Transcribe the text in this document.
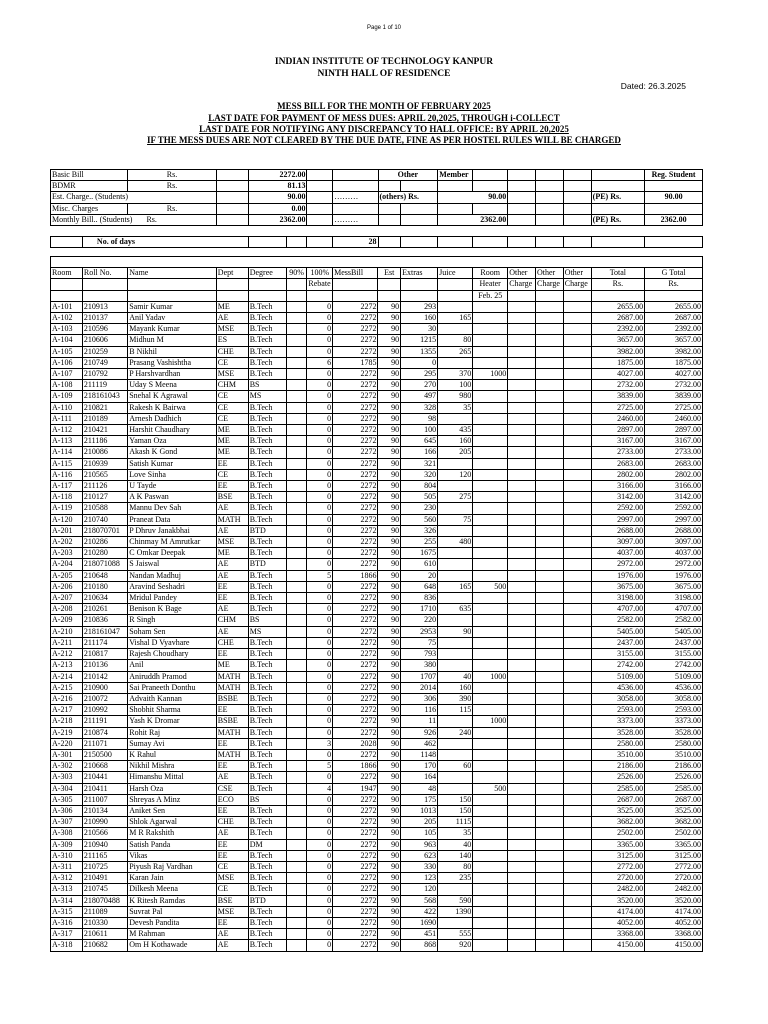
Page 1 of 10
INDIAN INSTITUTE OF TECHNOLOGY KANPUR
NINTH HALL OF RESIDENCE
Dated: 26.3.2025
MESS BILL FOR THE MONTH OF FEBRUARY 2025
LAST DATE FOR PAYMENT OF MESS DUES: APRIL 20,2025, THROUGH i-COLLECT
LAST DATE FOR NOTIFYING ANY DISCREPANCY TO HALL OFFICE: BY APRIL 20,2025
IF THE MESS DUES ARE NOT CLEARED BY THE DUE DATE, FINE AS PER HOSTEL RULES WILL BE CHARGED
Basic Bill		Rs.		2272.00				Other		Member						Reg. Student
BDMR		Rs.		81.13												
Est. Charge.. (Students)				90.00			………	(others) Rs.		90.00					(PE) Rs.	90.00
Misc. Charges		Rs.		0.00												
Monthly Bill.. (Students) Rs.				2362.00			………			2362.00					(PE) Rs.	2362.00

	No. of days						28									

Room	Roll No.	Name	Dept	Degree	90%	100%	MessBill	Est	Extras	Juice	Room	Other	Other	Other	Total	G Total
						Rebate					Heater	Charge	Charge	Charge	Rs.	Rs.
											Feb. 25					
A-101	210913	Samir Kumar	ME	B.Tech		0	2272	90	293						2655.00	2655.00
A-102	210137	Anil Yadav	AE	B.Tech		0	2272	90	160	165					2687.00	2687.00
A-103	210596	Mayank Kumar	MSE	B.Tech		0	2272	90	30						2392.00	2392.00
A-104	210606	Midhun M	ES	B.Tech		0	2272	90	1215	80					3657.00	3657.00
A-105	210259	B Nikhil	CHE	B.Tech		0	2272	90	1355	265					3982.00	3982.00
A-106	210749	Prasang Vashishtha	CE	B.Tech		6	1785	90	0						1875.00	1875.00
A-107	210792	P Harshvardhan	MSE	B.Tech		0	2272	90	295	370	1000				4027.00	4027.00
A-108	211119	Uday S Meena	CHM	BS		0	2272	90	270	100					2732.00	2732.00
A-109	218161043	Snehal K Agrawal	CE	MS		0	2272	90	497	980					3839.00	3839.00
A-110	210821	Rakesh K Bairwa	CE	B.Tech		0	2272	90	328	35					2725.00	2725.00
A-111	210189	Arnesh Dadhich	CE	B.Tech		0	2272	90	98						2460.00	2460.00
A-112	210421	Harshit Chaudhary	ME	B.Tech		0	2272	90	100	435					2897.00	2897.00
A-113	211186	Yaman Oza	ME	B.Tech		0	2272	90	645	160					3167.00	3167.00
A-114	210086	Akash K Gond	ME	B.Tech		0	2272	90	166	205					2733.00	2733.00
A-115	210939	Satish Kumar	EE	B.Tech		0	2272	90	321						2683.00	2683.00
A-116	210565	Love Sinha	CE	B.Tech		0	2272	90	320	120					2802.00	2802.00
A-117	211126	U Tayde	EE	B.Tech		0	2272	90	804						3166.00	3166.00
A-118	210127	A K Paswan	BSE	B.Tech		0	2272	90	505	275					3142.00	3142.00
A-119	210588	Mannu Dev Sah	AE	B.Tech		0	2272	90	230						2592.00	2592.00
A-120	210740	Praneat Data	MATH	B.Tech		0	2272	90	560	75					2997.00	2997.00
A-201	218070701	P Dhruv Janakbhai	AE	BTD		0	2272	90	326						2688.00	2688.00
A-202	210286	Chinmay M Amrutkar	MSE	B.Tech		0	2272	90	255	480					3097.00	3097.00
A-203	210280	C Omkar Deepak	ME	B.Tech		0	2272	90	1675						4037.00	4037.00
A-204	218071088	S Jaiswal	AE	BTD		0	2272	90	610						2972.00	2972.00
A-205	210648	Nandan Madhuj	AE	B.Tech		5	1866	90	20						1976.00	1976.00
A-206	210180	Aravind Seshadri	EE	B.Tech		0	2272	90	648	165	500				3675.00	3675.00
A-207	210634	Mridul Pandey	EE	B.Tech		0	2272	90	836						3198.00	3198.00
A-208	210261	Benison K Bage	AE	B.Tech		0	2272	90	1710	635					4707.00	4707.00
A-209	210836	R Singh	CHM	BS		0	2272	90	220						2582.00	2582.00
A-210	218161047	Soham Sen	AE	MS		0	2272	90	2953	90					5405.00	5405.00
A-211	211174	Vishal D Vyavhare	CHE	B.Tech		0	2272	90	75						2437.00	2437.00
A-212	210817	Rajesh Choudhary	EE	B.Tech		0	2272	90	793						3155.00	3155.00
A-213	210136	Anil	ME	B.Tech		0	2272	90	380						2742.00	2742.00
A-214	210142	Aniruddh Pramod	MATH	B.Tech		0	2272	90	1707	40	1000				5109.00	5109.00
A-215	210900	Sai Praneeth Donthu	MATH	B.Tech		0	2272	90	2014	160					4536.00	4536.00
A-216	210072	Advaith Kannan	BSBE	B.Tech		0	2272	90	306	390					3058.00	3058.00
A-217	210992	Shobhit Sharma	EE	B.Tech		0	2272	90	116	115					2593.00	2593.00
A-218	211191	Yash K Dromar	BSBE	B.Tech		0	2272	90	11		1000				3373.00	3373.00
A-219	210874	Rohit Raj	MATH	B.Tech		0	2272	90	926	240					3528.00	3528.00
A-220	211071	Sumay Avi	EE	B.Tech		3	2028	90	462						2580.00	2580.00
A-301	2150500	K Rahul	MATH	B.Tech		0	2272	90	1148						3510.00	3510.00
A-302	210668	Nikhil Mishra	EE	B.Tech		5	1866	90	170	60					2186.00	2186.00
A-303	210441	Himanshu Mittal	AE	B.Tech		0	2272	90	164						2526.00	2526.00
A-304	210411	Harsh Oza	CSE	B.Tech		4	1947	90	48		500				2585.00	2585.00
A-305	211007	Shreyas A Minz	ECO	BS		0	2272	90	175	150					2687.00	2687.00
A-306	210134	Aniket Sen	EE	B.Tech		0	2272	90	1013	150					3525.00	3525.00
A-307	210990	Shlok Agarwal	CHE	B.Tech		0	2272	90	205	1115					3682.00	3682.00
A-308	210566	M R Rakshith	AE	B.Tech		0	2272	90	105	35					2502.00	2502.00
A-309	210940	Satish Panda	EE	DM		0	2272	90	963	40					3365.00	3365.00
A-310	211165	Vikas	EE	B.Tech		0	2272	90	623	140					3125.00	3125.00
A-311	210725	Piyush Raj Vardhan	CE	B.Tech		0	2272	90	330	80					2772.00	2772.00
A-312	210491	Karan Jain	MSE	B.Tech		0	2272	90	123	235					2720.00	2720.00
A-313	210745	Dilkesh Meena	CE	B.Tech		0	2272	90	120						2482.00	2482.00
A-314	218070488	K Ritesh Ramdas	BSE	BTD		0	2272	90	568	590					3520.00	3520.00
A-315	211089	Suvrat Pal	MSE	B.Tech		0	2272	90	422	1390					4174.00	4174.00
A-316	210330	Devesh Pandita	EE	B.Tech		0	2272	90	1690						4052.00	4052.00
A-317	210611	M Rahman	AE	B.Tech		0	2272	90	451	555					3368.00	3368.00
A-318	210682	Om H Kothawade	AE	B.Tech		0	2272	90	868	920					4150.00	4150.00
